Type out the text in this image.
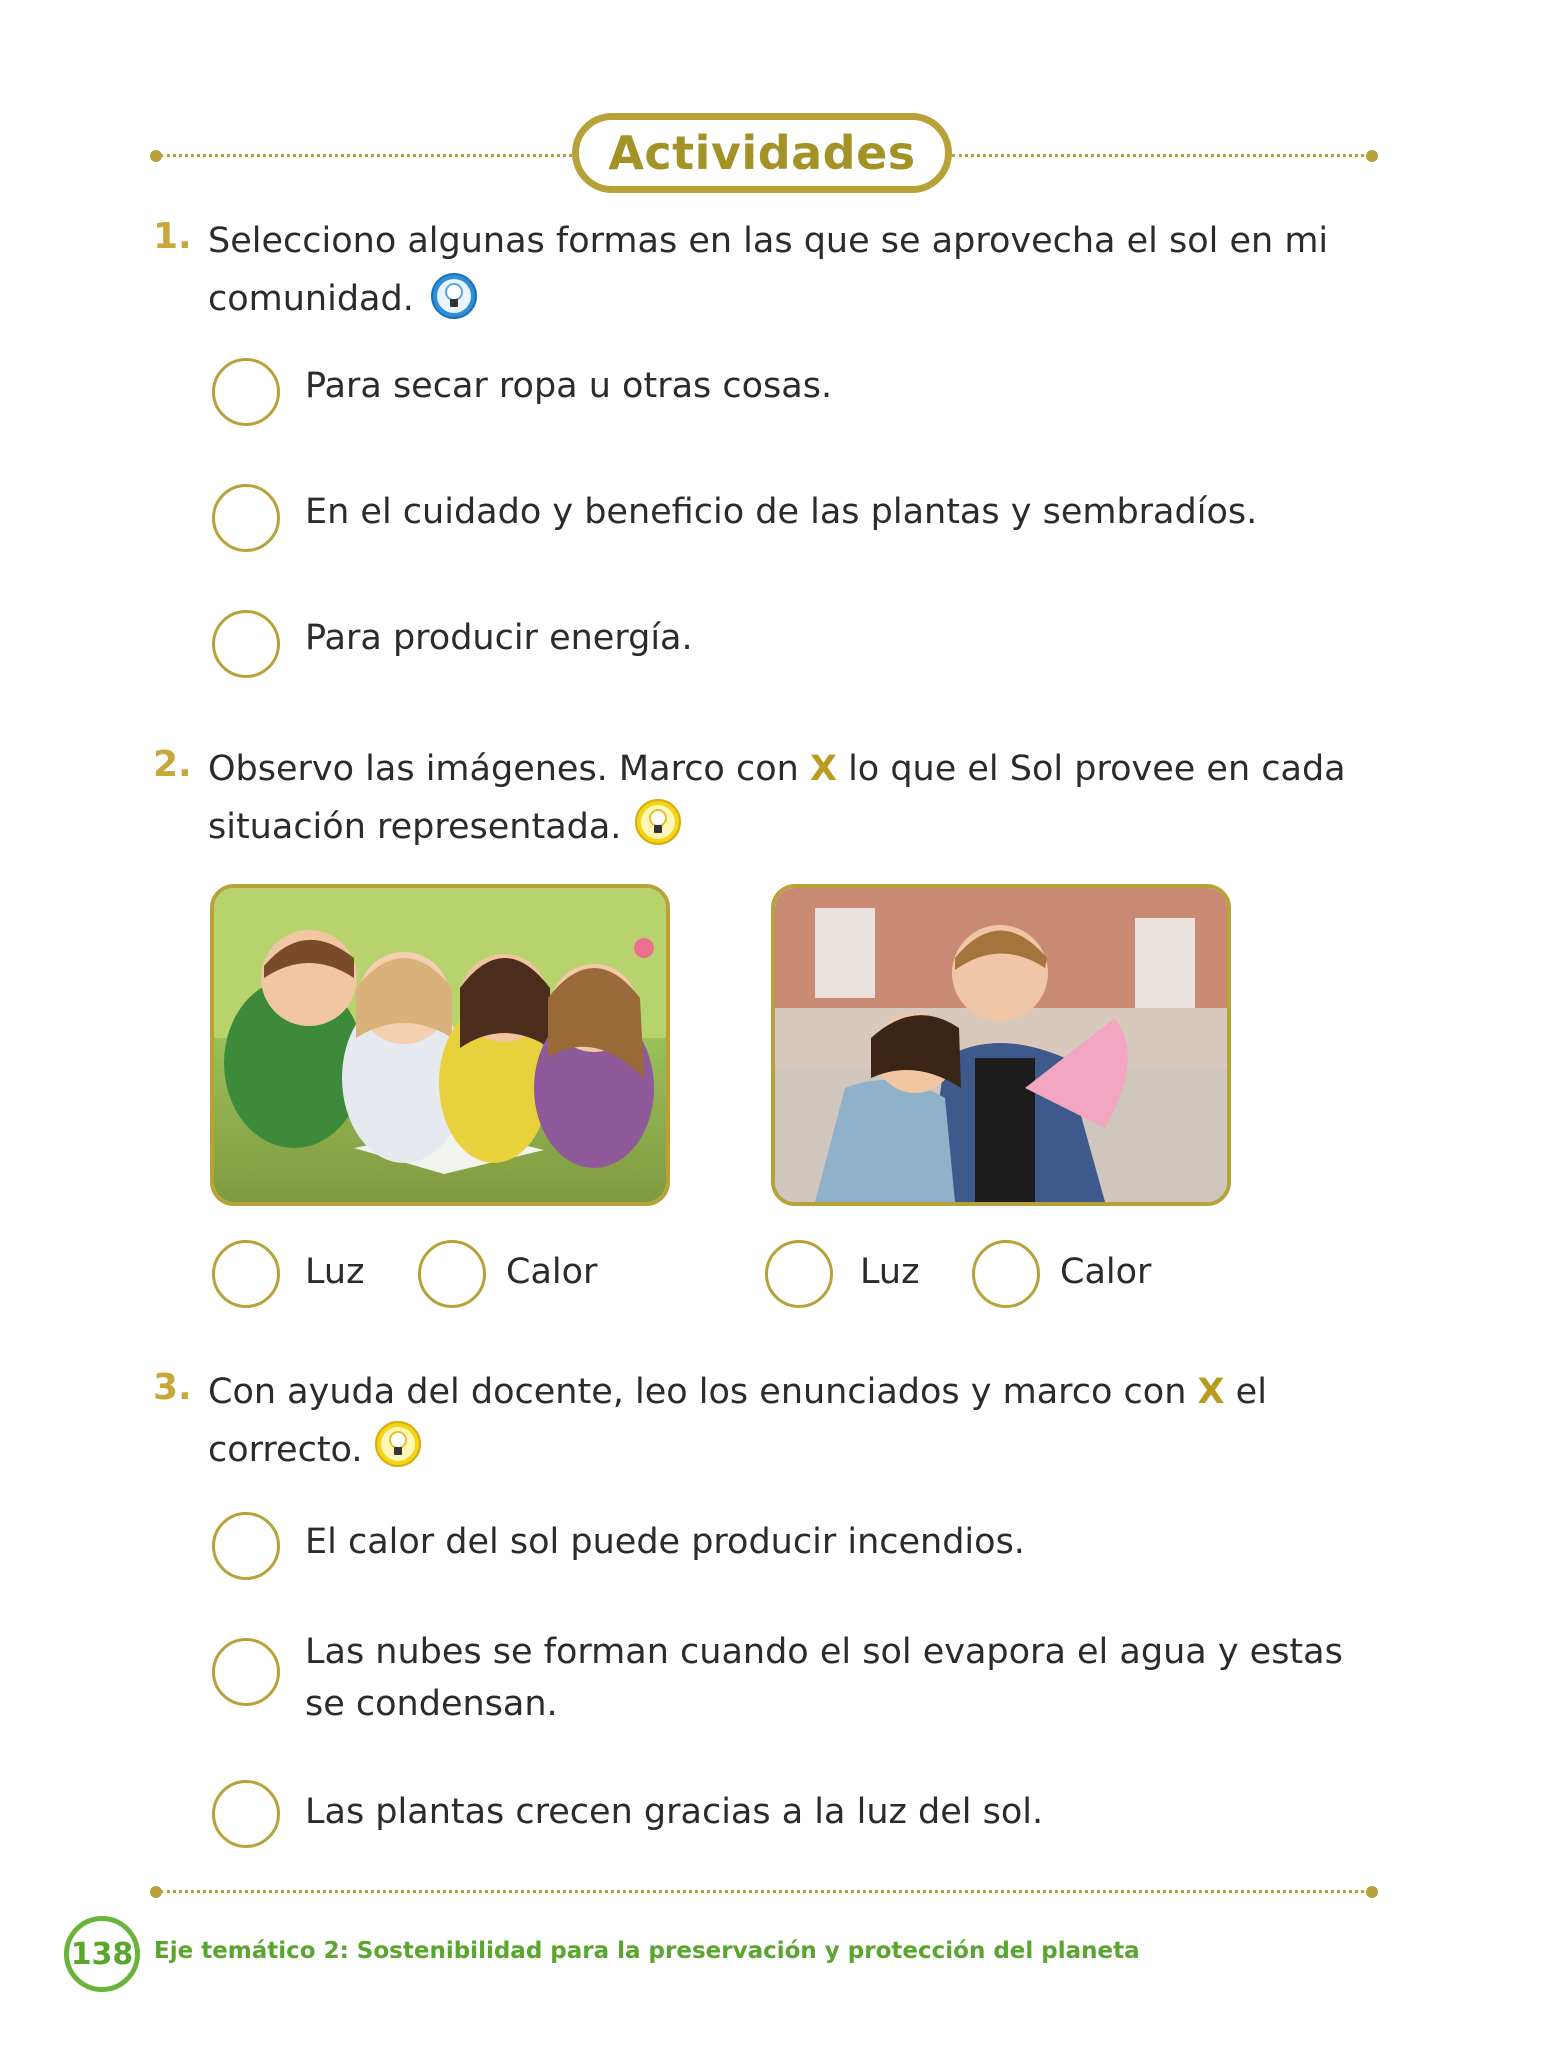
Actividades
1. Selecciono algunas formas en las que se aprovecha el sol en mi
comunidad.
Para secar ropa u otras cosas.
En el cuidado y beneficio de las plantas y sembradíos.
Para producir energía.
2. Observo las imágenes. Marco con X lo que el Sol provee en cada
situación representada.
Luz	Calor	Luz	Calor
3. Con ayuda del docente, leo los enunciados y marco con X el
correcto.
El calor del sol puede producir incendios.
Las nubes se forman cuando el sol evapora el agua y estas
se condensan.
Las plantas crecen gracias a la luz del sol.
138 Eje temático 2: Sostenibilidad para la preservación y protección del planeta
